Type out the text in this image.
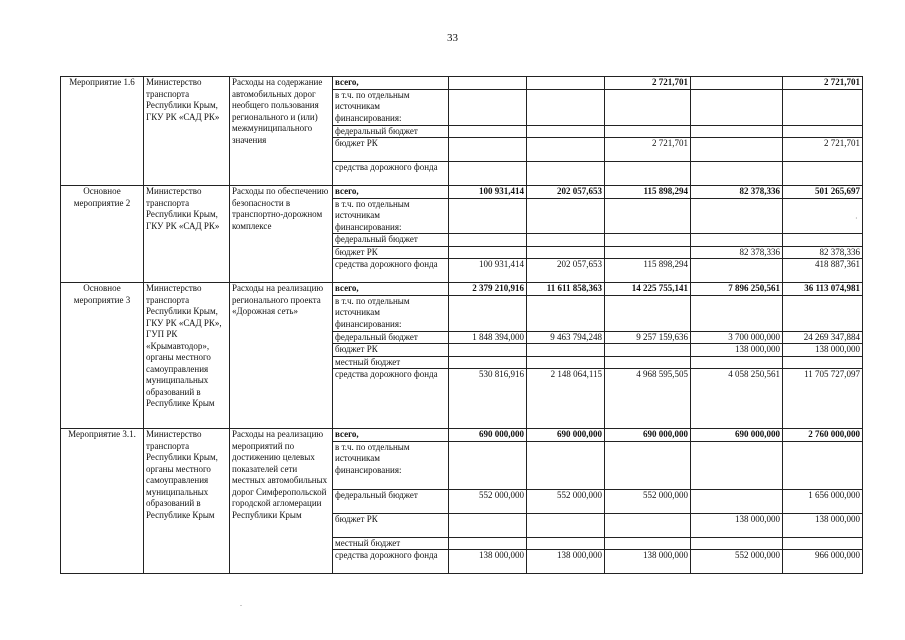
33
Мероприятие 1.6	Министерство транспорта Республики Крым, ГКУ РК «САД РК»	Расходы на содержание автомобильных дорог необщего пользования регионального и (или) межмуниципального значения	всего,			2 721,701		2 721,701
			в т.ч. по отдельным источникам финансирования:					
			федеральный бюджет					
			бюджет РК			2 721,701		2 721,701
			средства дорожного фонда					
Основное мероприятие 2	Министерство транспорта Республики Крым, ГКУ РК «САД РК»	Расходы по обеспечению безопасности в транспортно-дорожном комплексе	всего,	100 931,414	202 057,653	115 898,294	82 378,336	501 265,697
			в т.ч. по отдельным источникам финансирования:					
			федеральный бюджет					
			бюджет РК				82 378,336	82 378,336
			средства дорожного фонда	100 931,414	202 057,653	115 898,294		418 887,361
Основное мероприятие 3	Министерство транспорта Республики Крым, ГКУ РК «САД РК», ГУП РК «Крымавтодор», органы местного самоуправления муниципальных образований в Республике Крым	Расходы на реализацию регионального проекта «Дорожная сеть»	всего,	2 379 210,916	11 611 858,363	14 225 755,141	7 896 250,561	36 113 074,981
			в т.ч. по отдельным источникам финансирования:					
			федеральный бюджет	1 848 394,000	9 463 794,248	9 257 159,636	3 700 000,000	24 269 347,884
			бюджет РК				138 000,000	138 000,000
			местный бюджет					
			средства дорожного фонда	530 816,916	2 148 064,115	4 968 595,505	4 058 250,561	11 705 727,097
Мероприятие 3.1.	Министерство транспорта Республики Крым, органы местного самоуправления муниципальных образований в Республике Крым	Расходы на реализацию мероприятий по достижению целевых показателей сети местных автомобильных дорог Симферопольской городской агломерации Республики Крым	всего,	690 000,000	690 000,000	690 000,000	690 000,000	2 760 000,000
			в т.ч. по отдельным источникам финансирования:					
			федеральный бюджет	552 000,000	552 000,000	552 000,000		1 656 000,000
			бюджет РК				138 000,000	138 000,000
			местный бюджет					
			средства дорожного фонда	138 000,000	138 000,000	138 000,000	552 000,000	966 000,000
·
.
